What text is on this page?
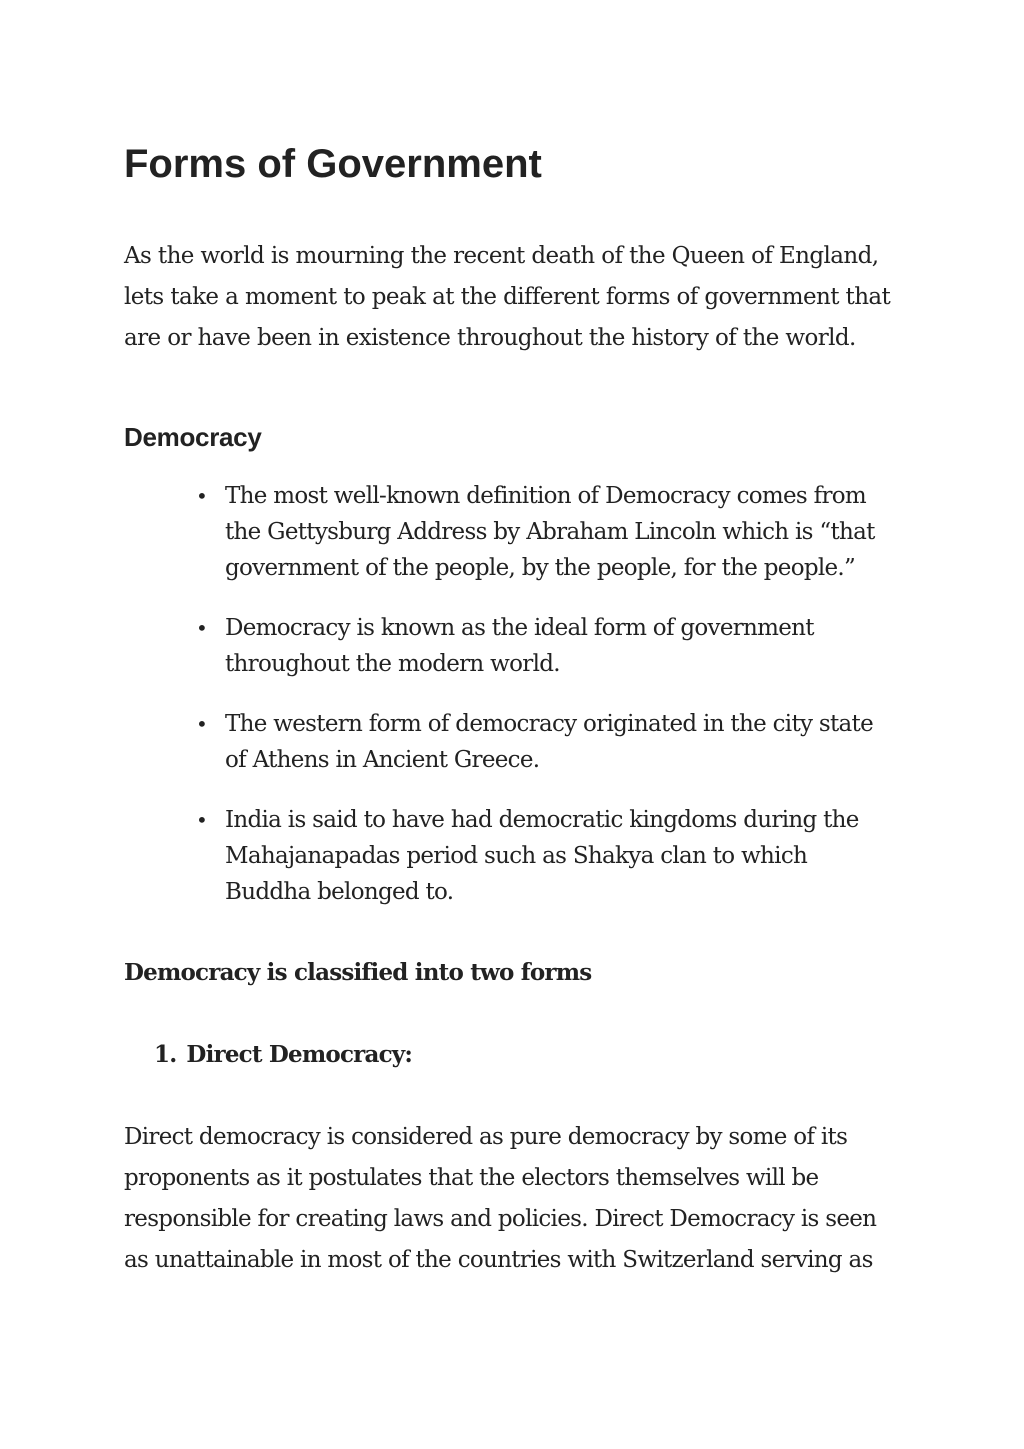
Forms of Government

As the world is mourning the recent death of the Queen of England,
lets take a moment to peak at the different forms of government that
are or have been in existence throughout the history of the world.

Democracy
• The most well-known definition of Democracy comes from
the Gettysburg Address by Abraham Lincoln which is “that
government of the people, by the people, for the people.”
• Democracy is known as the ideal form of government
throughout the modern world.
• The western form of democracy originated in the city state
of Athens in Ancient Greece.
• India is said to have had democratic kingdoms during the
Mahajanapadas period such as Shakya clan to which
Buddha belonged to.
Democracy is classified into two forms
1. Direct Democracy:

Direct democracy is considered as pure democracy by some of its
proponents as it postulates that the electors themselves will be
responsible for creating laws and policies. Direct Democracy is seen
as unattainable in most of the countries with Switzerland serving as
